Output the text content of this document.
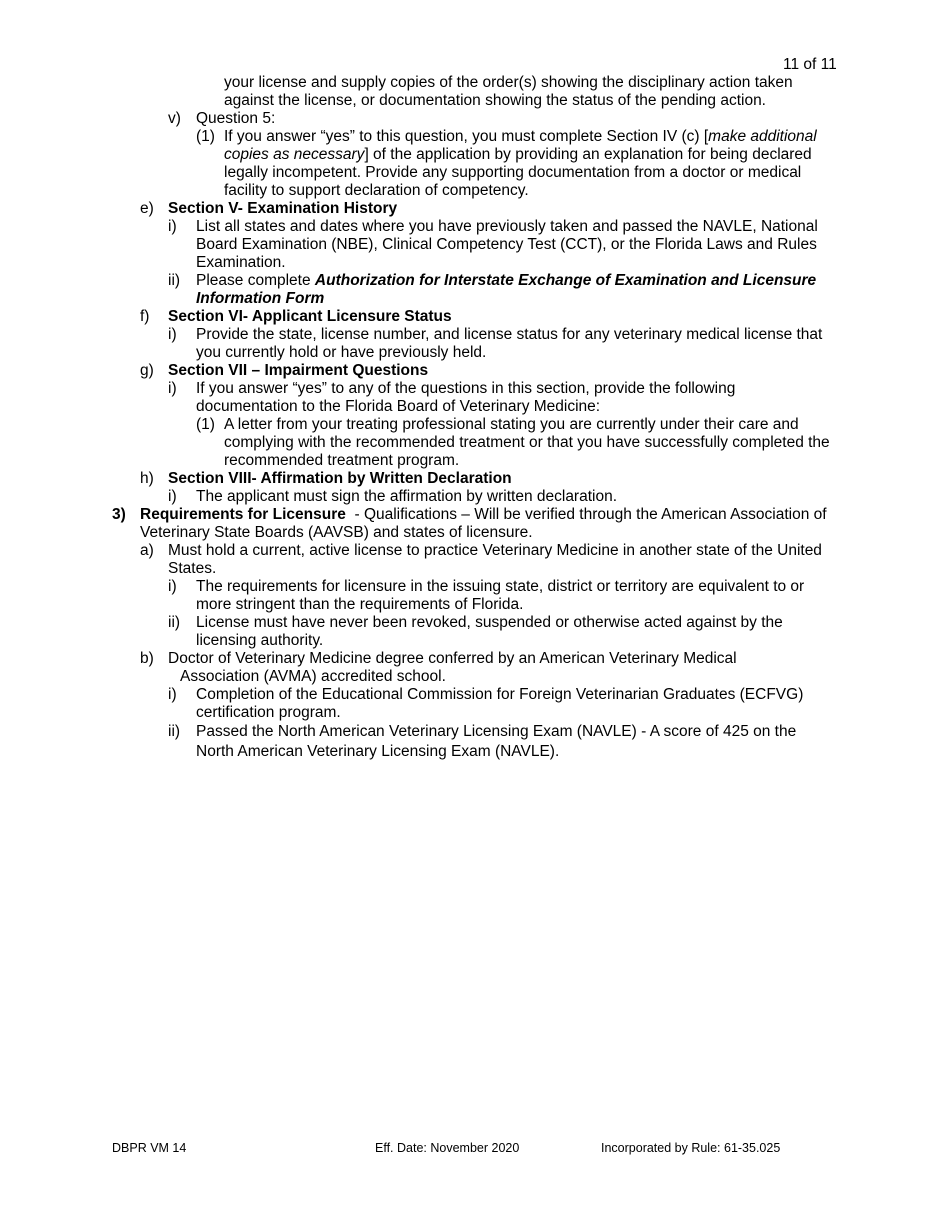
11 of 11
your license and supply copies of the order(s) showing the disciplinary action taken against the license, or documentation showing the status of the pending action.
v) Question 5:
(1) If you answer “yes” to this question, you must complete Section IV (c) [make additional copies as necessary] of the application by providing an explanation for being declared legally incompetent. Provide any supporting documentation from a doctor or medical facility to support declaration of competency.
e) Section V- Examination History
i) List all states and dates where you have previously taken and passed the NAVLE, National Board Examination (NBE), Clinical Competency Test (CCT), or the Florida Laws and Rules Examination.
ii) Please complete Authorization for Interstate Exchange of Examination and Licensure Information Form
f) Section VI- Applicant Licensure Status
i) Provide the state, license number, and license status for any veterinary medical license that you currently hold or have previously held.
g) Section VII – Impairment Questions
i) If you answer “yes” to any of the questions in this section, provide the following documentation to the Florida Board of Veterinary Medicine:
(1) A letter from your treating professional stating you are currently under their care and complying with the recommended treatment or that you have successfully completed the recommended treatment program.
h) Section VIII- Affirmation by Written Declaration
i) The applicant must sign the affirmation by written declaration.
3) Requirements for Licensure  - Qualifications – Will be verified through the American Association of Veterinary State Boards (AAVSB) and states of licensure.
a) Must hold a current, active license to practice Veterinary Medicine in another state of the United States.
i) The requirements for licensure in the issuing state, district or territory are equivalent to or more stringent than the requirements of Florida.
ii) License must have never been revoked, suspended or otherwise acted against by the licensing authority.
b) Doctor of Veterinary Medicine degree conferred by an American Veterinary Medical
Association (AVMA) accredited school.
i) Completion of the Educational Commission for Foreign Veterinarian Graduates (ECFVG) certification program.
ii) Passed the North American Veterinary Licensing Exam (NAVLE) - A score of 425 on the North American Veterinary Licensing Exam (NAVLE).
DBPR VM 14	Eff. Date: November 2020	Incorporated by Rule: 61-35.025
